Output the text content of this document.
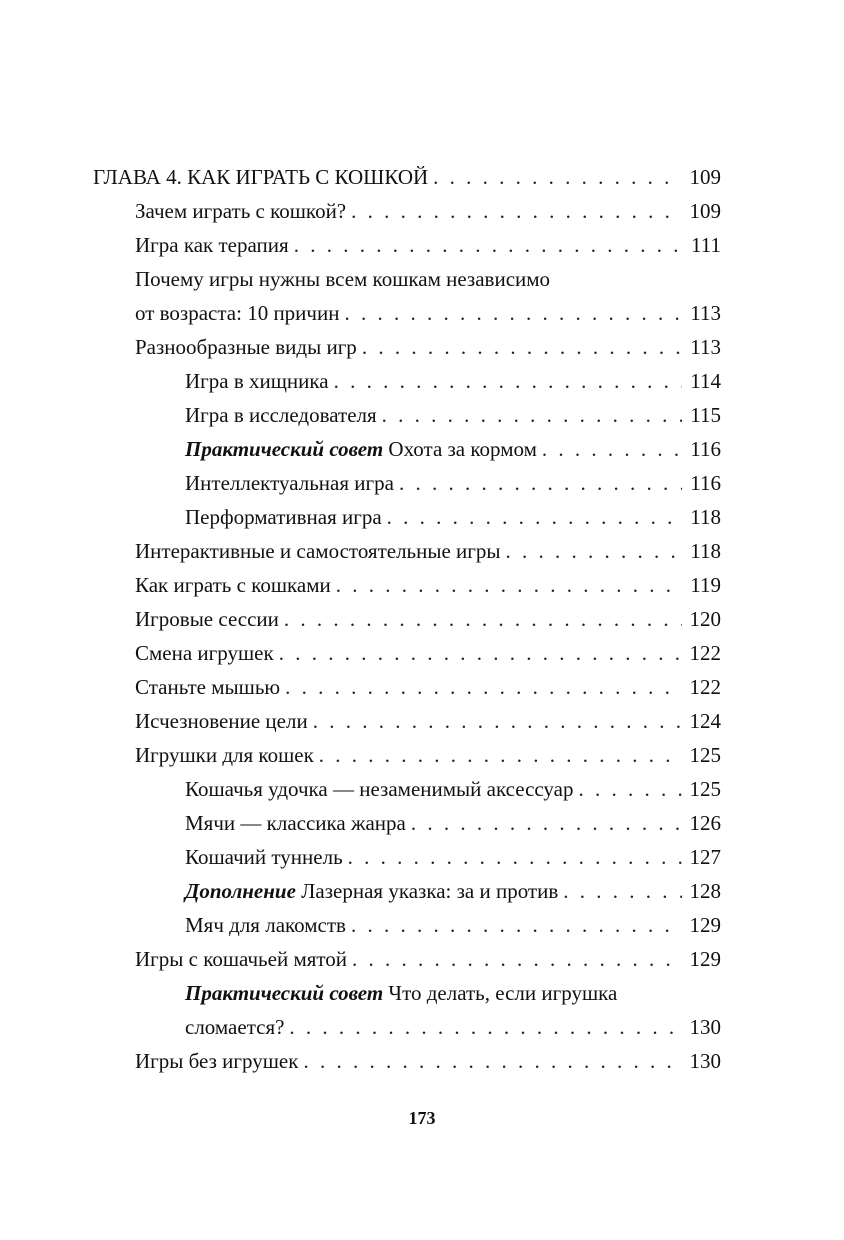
ГЛАВА 4. КАК ИГРАТЬ С КОШКОЙ . . .	109
Зачем играть с кошкой? . . .	109
Игра как терапия . . .	111
Почему игры нужны всем кошкам независимо
от возраста: 10 причин . . .	113
Разнообразные виды игр . . .	113
Игра в хищника . . .	114
Игра в исследователя . . .	115
Практический совет Охота за кормом . . .	116
Интеллектуальная игра . . .	116
Перформативная игра . . .	118
Интерактивные и самостоятельные игры . . .	118
Как играть с кошками . . .	119
Игровые сессии . . .	120
Смена игрушек . . .	122
Станьте мышью . . .	122
Исчезновение цели . . .	124
Игрушки для кошек . . .	125
Кошачья удочка — незаменимый аксессуар . . .	125
Мячи — классика жанра . . .	126
Кошачий туннель . . .	127
Дополнение Лазерная указка: за и против . . .	128
Мяч для лакомств . . .	129
Игры с кошачьей мятой . . .	129
Практический совет Что делать, если игрушка
сломается? . . .	130
Игры без игрушек . . .	130
173
